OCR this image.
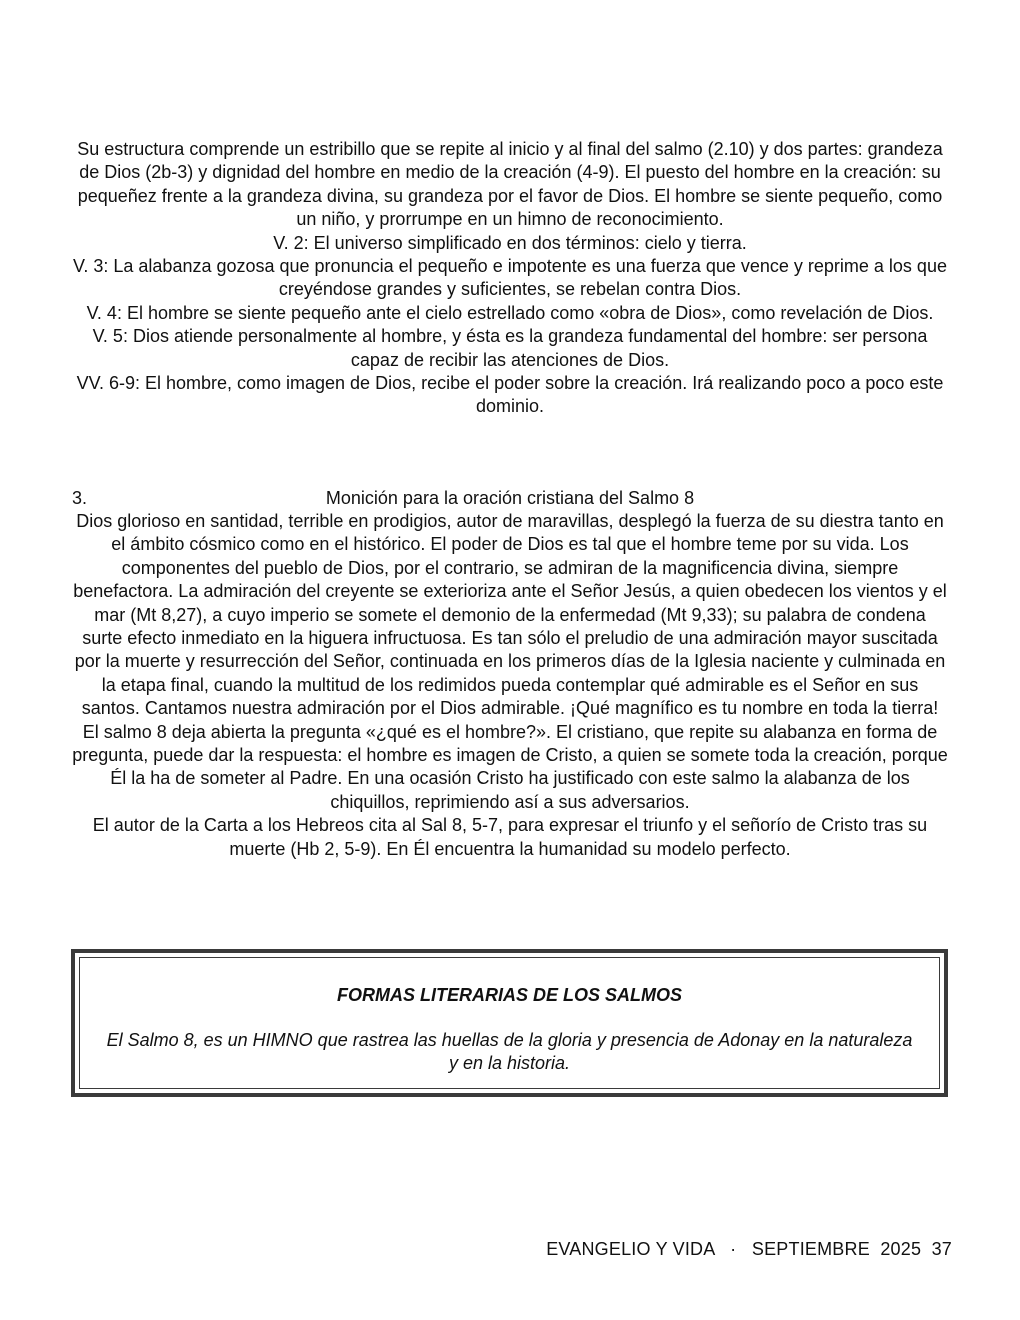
Su estructura comprende un estribillo que se repite al inicio y al final del salmo (2.10) y dos partes: grandeza de Dios (2b-3) y dignidad del hombre en medio de la creación (4-9). El puesto del hombre en la creación: su pequeñez frente a la grandeza divina, su grandeza por el favor de Dios. El hombre se siente pequeño, como un niño, y prorrumpe en un himno de reconocimiento.

V. 2: El universo simplificado en dos términos: cielo y tierra.

V. 3: La alabanza gozosa que pronuncia el pequeño e impotente es una fuerza que vence y reprime a los que creyéndose grandes y suficientes, se rebelan contra Dios.

V. 4: El hombre se siente pequeño ante el cielo estrellado como «obra de Dios», como revelación de Dios.

V. 5: Dios atiende personalmente al hombre, y ésta es la grandeza fundamental del hombre: ser persona capaz de recibir las atenciones de Dios.

VV. 6-9: El hombre, como imagen de Dios, recibe el poder sobre la creación. Irá realizando poco a poco este dominio.

Monición para la oración cristiana del Salmo 8
3.

Dios glorioso en santidad, terrible en prodigios, autor de maravillas, desplegó la fuerza de su diestra tanto en el ámbito cósmico como en el histórico. El poder de Dios es tal que el hombre teme por su vida. Los componentes del pueblo de Dios, por el contrario, se admiran de la magnificencia divina, siempre benefactora. La admiración del creyente se exterioriza ante el Señor Jesús, a quien obedecen los vientos y el mar (Mt 8,27), a cuyo imperio se somete el demonio de la enfermedad (Mt 9,33); su palabra de condena surte efecto inmediato en la higuera infructuosa. Es tan sólo el preludio de una admiración mayor suscitada por la muerte y resurrección del Señor, continuada en los primeros días de la Iglesia naciente y culminada en la etapa final, cuando la multitud de los redimidos pueda contemplar qué admirable es el Señor en sus santos. Cantamos nuestra admiración por el Dios admirable. ¡Qué magnífico es tu nombre en toda la tierra!

El salmo 8 deja abierta la pregunta «¿qué es el hombre?». El cristiano, que repite su alabanza en forma de pregunta, puede dar la respuesta: el hombre es imagen de Cristo, a quien se somete toda la creación, porque Él la ha de someter al Padre. En una ocasión Cristo ha justificado con este salmo la alabanza de los chiquillos, reprimiendo así a sus adversarios.

El autor de la Carta a los Hebreos cita al Sal 8, 5-7, para expresar el triunfo y el señorío de Cristo tras su muerte (Hb 2, 5-9). En Él encuentra la humanidad su modelo perfecto.

FORMAS LITERARIAS DE LOS SALMOS

El Salmo 8, es un HIMNO que rastrea las huellas de la gloria y presencia de Adonay en la naturaleza y en la historia.

EVANGELIO Y VIDA · SEPTIEMBRE  2025 37
